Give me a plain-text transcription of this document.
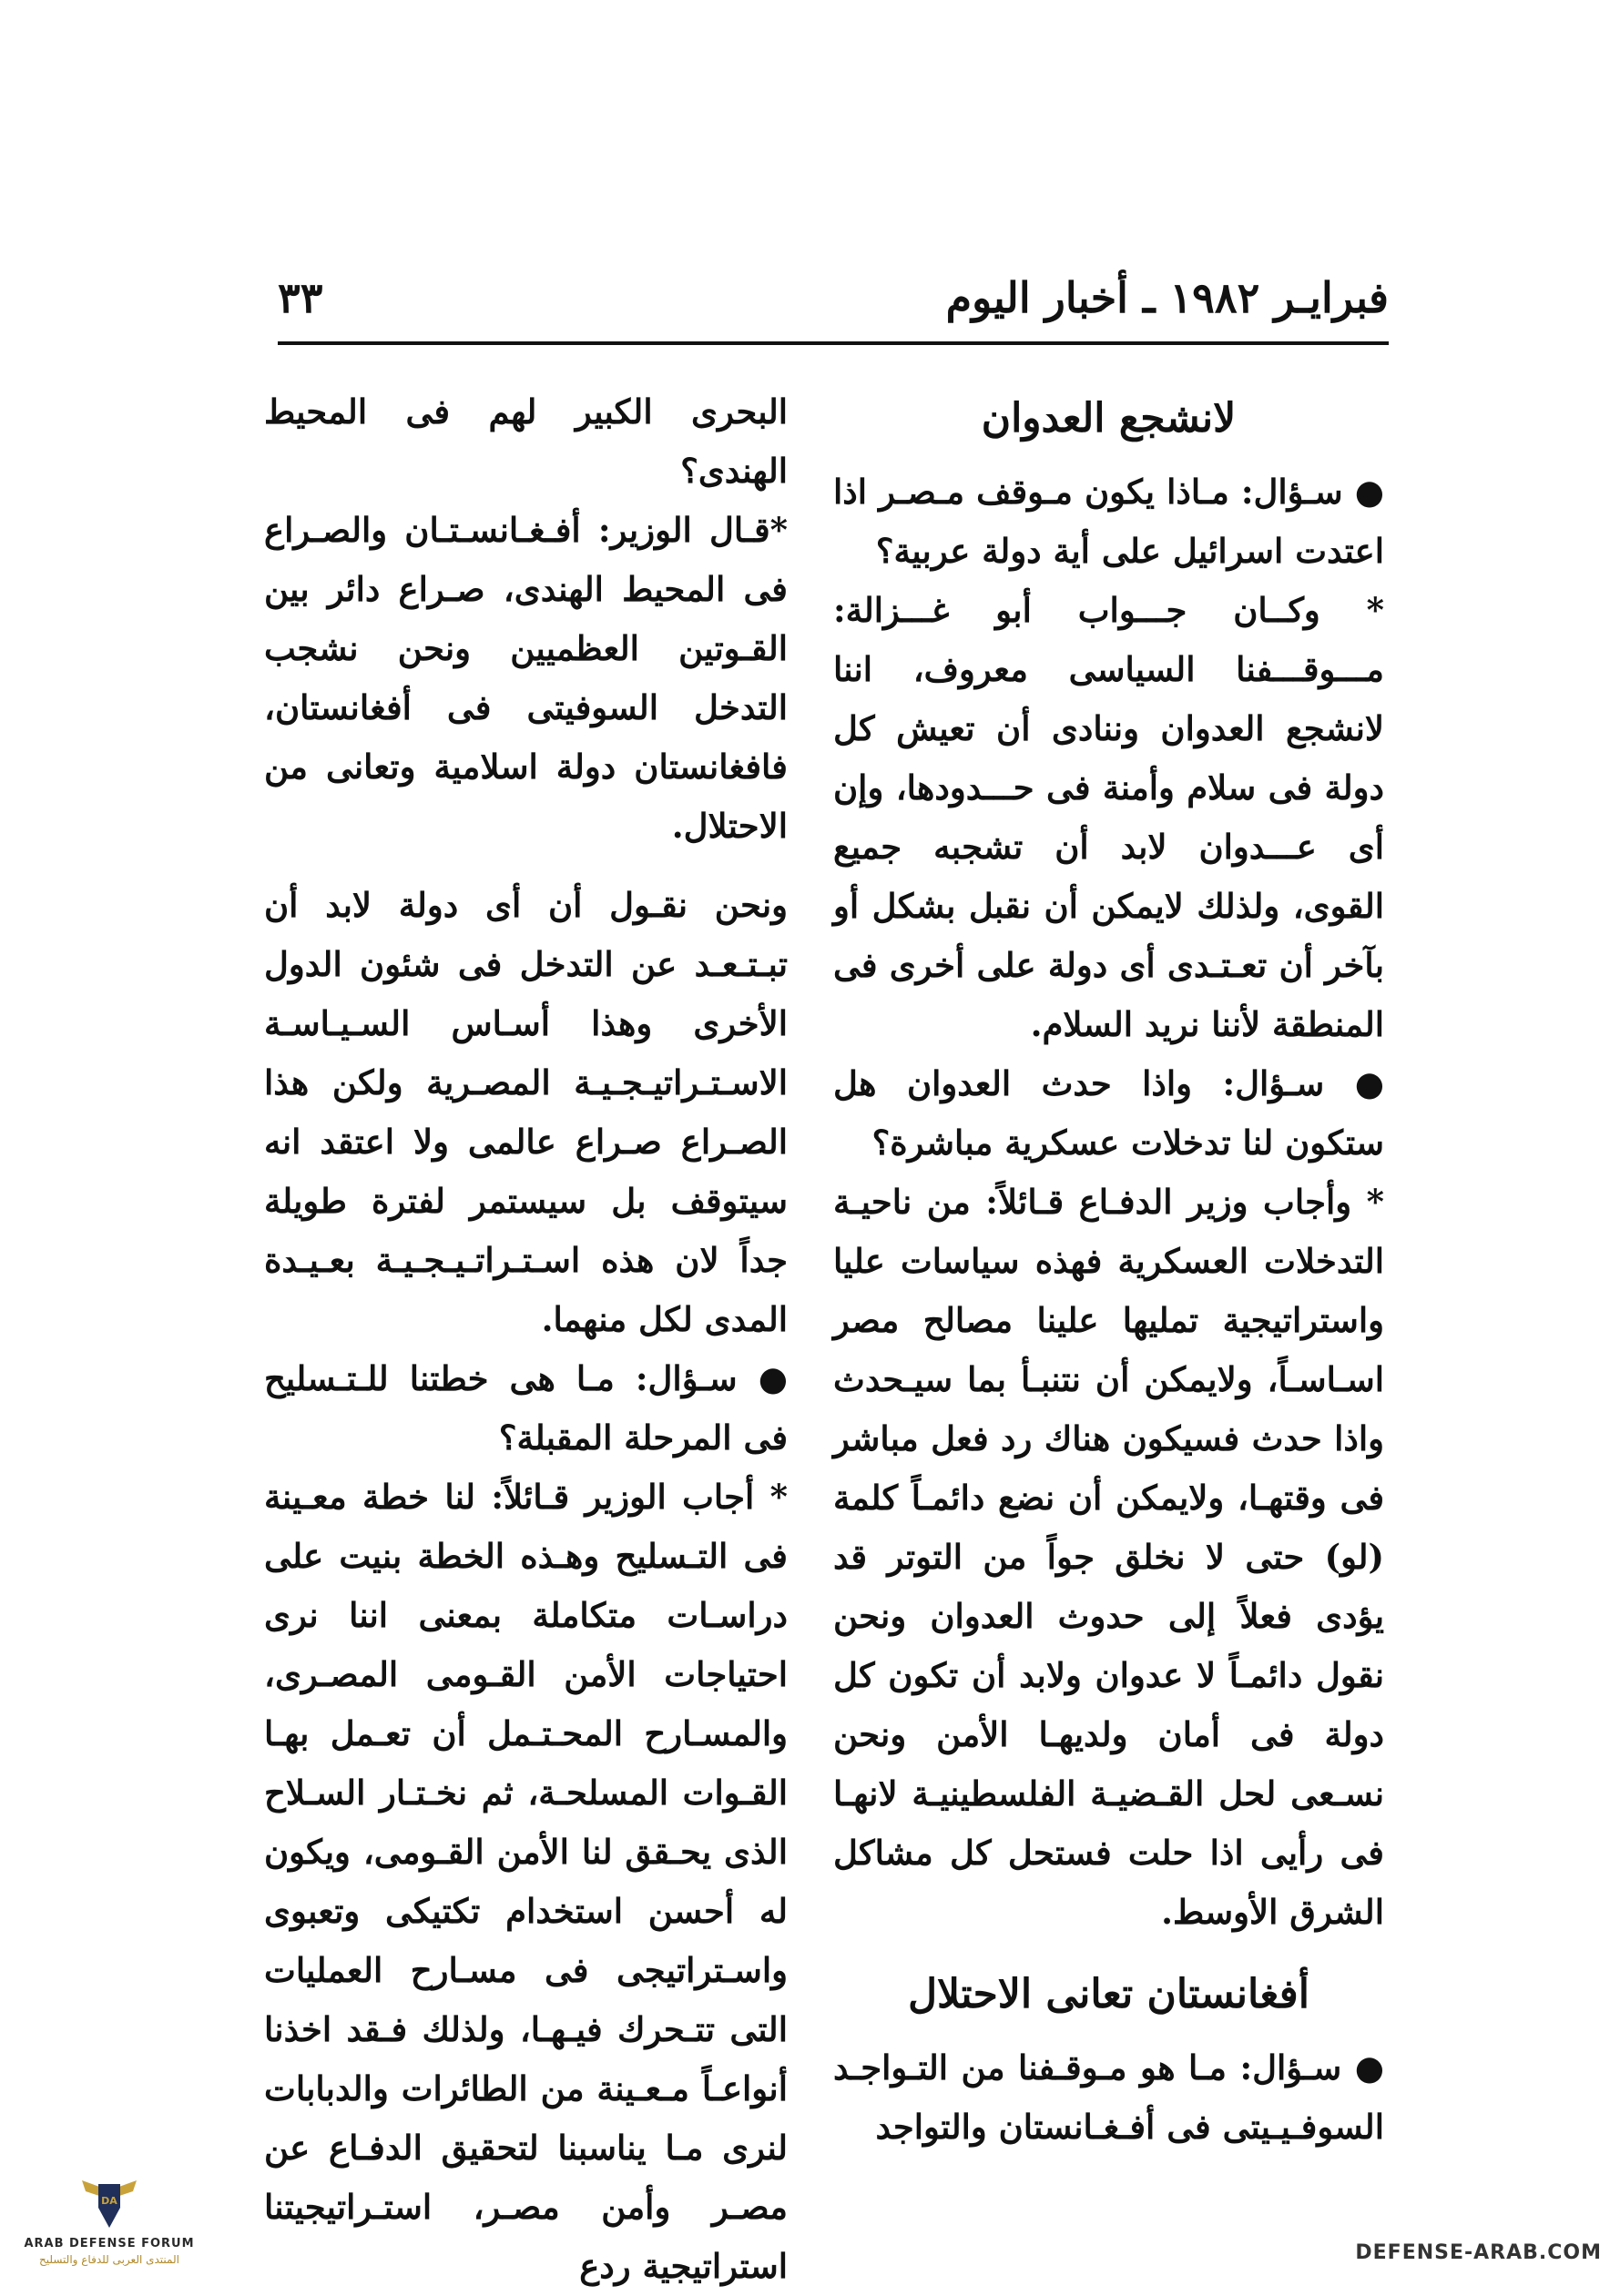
فبرايـر ١٩٨٢ ـ أخبار اليوم
٣٣
لانشجع العدوان

● سـؤال: مـاذا يكون مـوقف مـصـر اذا اعتدت اسرائيل على أية دولة عربية؟

* وكــان جـــواب أبو غـــزالة: مـــوقـــفنا السياسى معروف، اننا لانشجع العدوان وننادى أن تعيش كل دولة فى سلام وأمنة فى حـــدودها، وإن أى عـــدوان لابد أن تشجبه جميع القوى، ولذلك لايمكن أن نقبل بشكل أو بآخر أن تعـتـدى أى دولة على أخرى فى المنطقة لأننا نريد السلام.

● سـؤال: واذا حدث العدوان هل ستكون لنا تدخلات عسكرية مباشرة؟

* وأجاب وزير الدفـاع قـائلاً: من ناحيـة التدخلات العسكرية فهذه سياسات عليا واستراتيجية تمليها علينا مصالح مصر اسـاسـاً، ولايمكن أن نتنبـأ بما سيـحدث واذا حدث فسيكون هناك رد فعل مباشر فى وقتهـا، ولايمكن أن نضع دائمـاً كلمة (لو) حتى لا نخلق جواً من التوتر قد يؤدى فعلاً إلى حدوث العدوان ونحن نقول دائمـاً لا عدوان ولابد أن تكون كل دولة فى أمان ولديهـا الأمن ونحن نسـعى لحل القـضيـة الفلسطينيـة لانهـا فى رأيى اذا حلت فستحل كل مشاكل الشرق الأوسط.

أفغانستان تعانى الاحتلال

● سـؤال: مـا هو مـوقـفنا من التـواجـد السوفـيـيتى فى أفـغـانستان والتواجد

البحرى الكبير لهم فى المحيط الهندى؟

*قـال الوزير: أفـغـانسـتـان والصـراع فى المحيط الهندى، صـراع دائر بين القـوتين العظميين ونحن نشجب التدخل السوفيتى فى أفغانستان، فافغانستان دولة اسلامية وتعانى من الاحتلال.

ونحن نقـول أن أى دولة لابد أن تبـتـعـد عن التدخل فى شئون الدول الأخرى وهذا أسـاس السـيـاسـة الاسـتـراتيـجـيـة المصـرية ولكن هذا الصـراع صـراع عالمى ولا اعتقد انه سيتوقف بل سيستمر لفترة طويلة جداً لان هذه اسـتـراتـيـجـيـة بعـيـدة المدى لكل منهما.

● سـؤال: مـا هى خطتنا للـتـسليح فى المرحلة المقبلة؟

* أجاب الوزير قـائلاً: لنا خطة معـينة فى التـسليح وهـذه الخطة بنيت على دراسـات متكاملة بمعنى اننا نرى احتياجات الأمن القـومى المصـرى، والمسـارح المحـتـمل أن تعـمل بهـا القـوات المسلحـة، ثم نخـتـار السـلاح الذى يحـقق لنا الأمن القـومى، ويكون له أحسن استخدام تكتيكى وتعبوى واسـتراتيجى فى مسـارح العمليات التى تتـحرك فيـهـا، ولذلك فـقد اخذنا أنواعـاً مـعـينة من الطائرات والدبابات لنرى مـا يناسبنا لتحقيق الدفـاع عن مصـر وأمن مصـر، استـراتيجيتنا استراتيجية ردع

DA
ARAB DEFENSE FORUM
المنتدى العربى للدفاع والتسليح	DEFENSE-ARAB.COM
